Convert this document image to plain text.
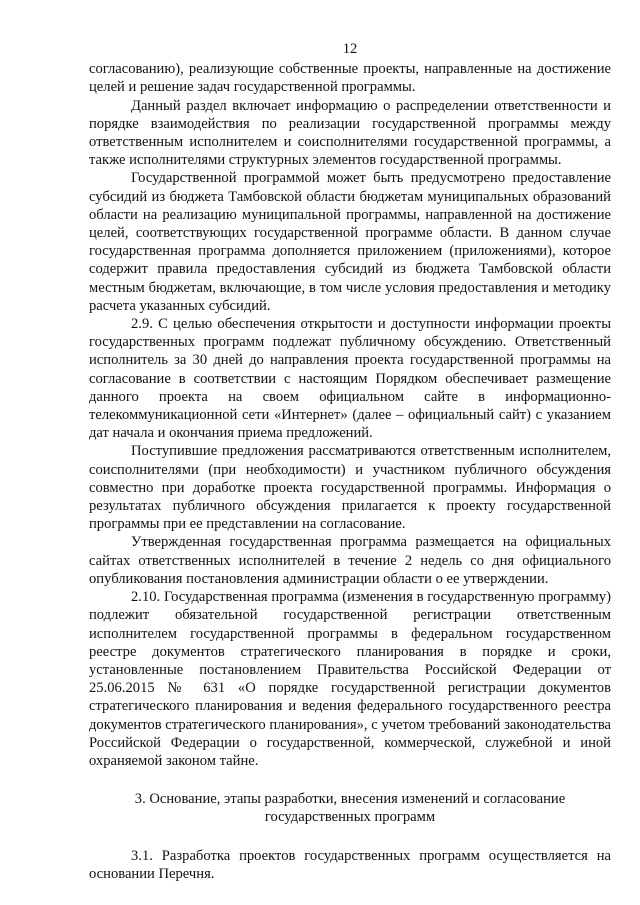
12

согласованию), реализующие собственные проекты, направленные на достижение целей и решение задач государственной программы.

Данный раздел включает информацию о распределении ответственности и порядке взаимодействия по реализации государственной программы между ответственным исполнителем и соисполнителями государственной программы, а также исполнителями структурных элементов государственной программы.

Государственной программой может быть предусмотрено предоставление субсидий из бюджета Тамбовской области бюджетам муниципальных образований области на реализацию муниципальной программы, направленной на достижение целей, соответствующих государственной программе области. В данном случае государственная программа дополняется приложением (приложениями), которое содержит правила предоставления субсидий из бюджета Тамбовской области местным бюджетам, включающие, в том числе условия предоставления и методику расчета указанных субсидий.

2.9. С целью обеспечения открытости и доступности информации проекты государственных программ подлежат публичному обсуждению. Ответственный исполнитель за 30 дней до направления проекта государственной программы на согласование в соответствии с настоящим Порядком обеспечивает размещение данного проекта на своем официальном сайте в информационно-телекоммуникационной сети «Интернет» (далее – официальный сайт) с указанием дат начала и окончания приема предложений.

Поступившие предложения рассматриваются ответственным исполнителем, соисполнителями (при необходимости) и участником публичного обсуждения совместно при доработке проекта государственной программы. Информация о результатах публичного обсуждения прилагается к проекту государственной программы при ее представлении на согласование.

Утвержденная государственная программа размещается на официальных сайтах ответственных исполнителей в течение 2 недель со дня официального опубликования постановления администрации области о ее утверждении.

2.10. Государственная программа (изменения в государственную программу) подлежит обязательной государственной регистрации ответственным исполнителем государственной программы в федеральном государственном реестре документов стратегического планирования в порядке и сроки, установленные постановлением Правительства Российской Федерации от 25.06.2015 № 631 «О порядке государственной регистрации документов стратегического планирования и ведения федерального государственного реестра документов стратегического планирования», с учетом требований законодательства Российской Федерации о государственной, коммерческой, служебной и иной охраняемой законом тайне.

3. Основание, этапы разработки, внесения изменений и согласование государственных программ

3.1. Разработка проектов государственных программ осуществляется на основании Перечня.
